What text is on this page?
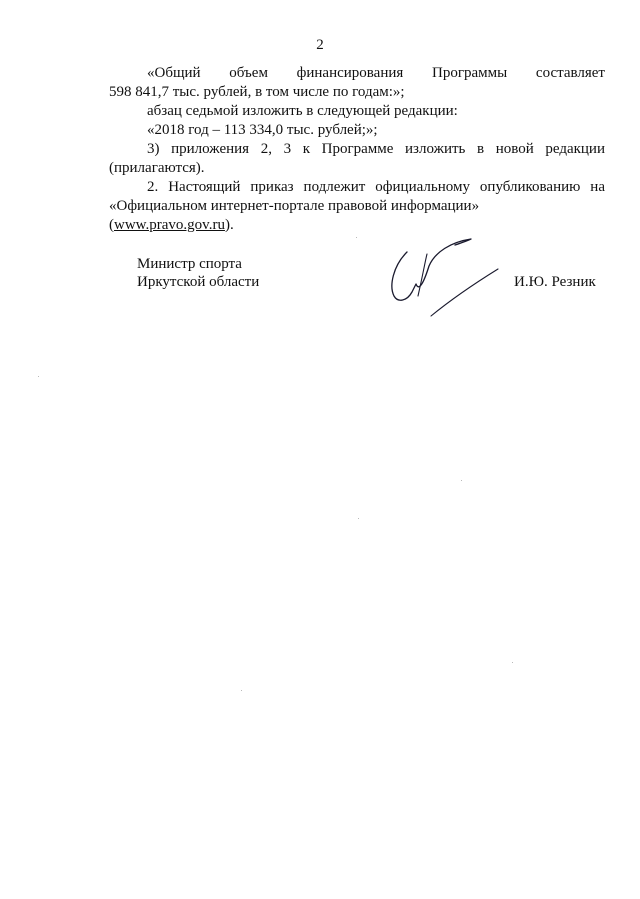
2

«Общий объем финансирования Программы составляет

598 841,7 тыс. рублей, в том числе по годам:»;

абзац седьмой изложить в следующей редакции:

«2018 год – 113 334,0 тыс. рублей;»;

3) приложения 2, 3 к Программе изложить в новой редакции

(прилагаются).

2. Настоящий приказ подлежит официальному опубликованию на

«Официальном интернет-портале правовой информации» (www.pravo.gov.ru).

Министр спорта
Иркутской области	И.Ю. Резник
